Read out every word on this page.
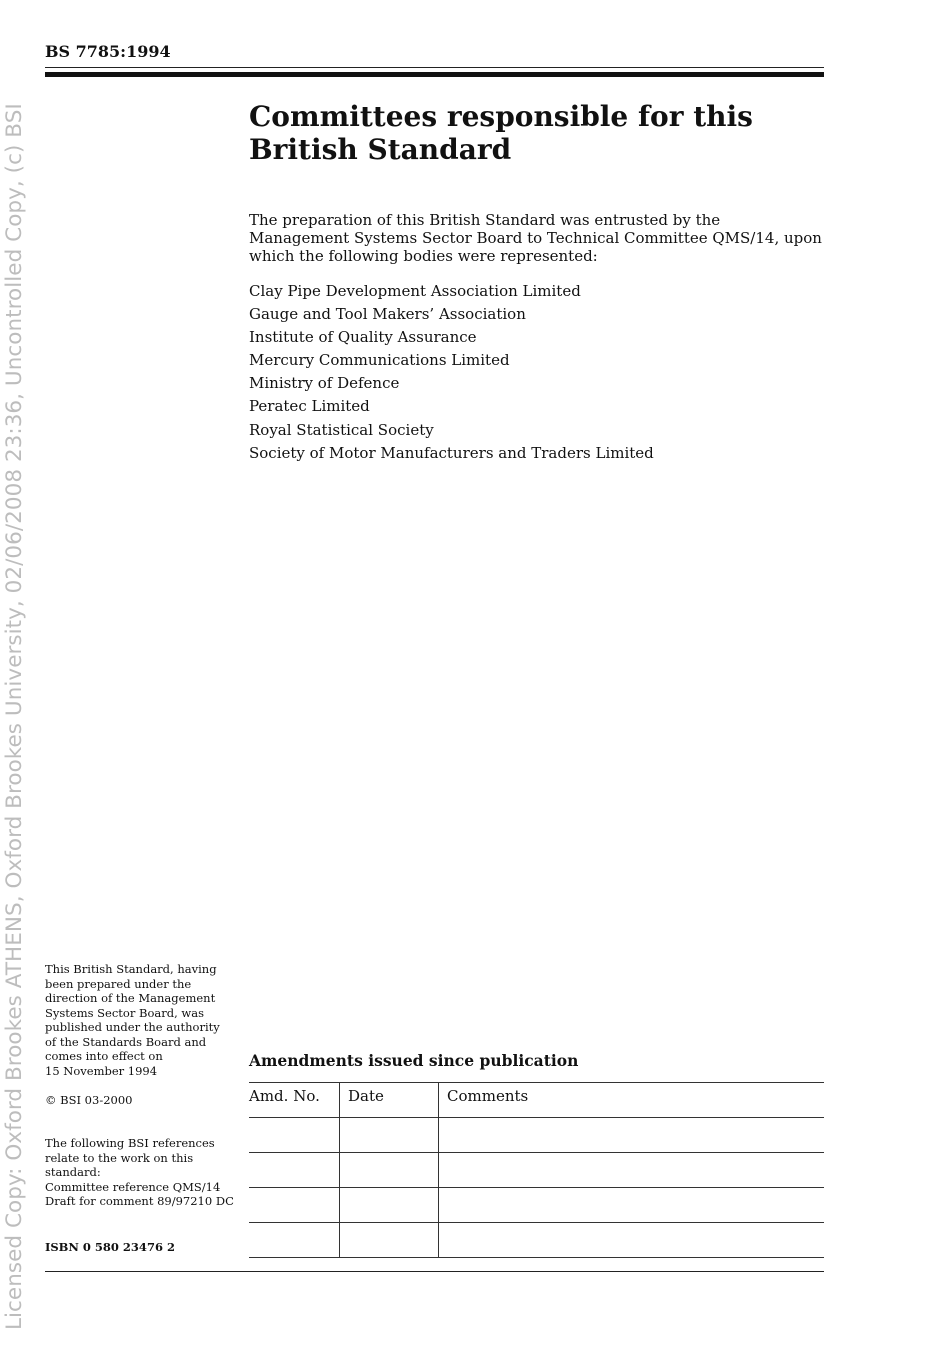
Licensed Copy: Oxford Brookes ATHENS, Oxford Brookes University, 02/06/2008 23:36, Uncontrolled Copy, (c) BSI
BS 7785:1994
Committees responsible for this
British Standard

The preparation of this British Standard was entrusted by the Management Systems Sector Board to Technical Committee QMS/14, upon which the following bodies were represented:

Clay Pipe Development Association Limited
Gauge and Tool Makers’ Association
Institute of Quality Assurance
Mercury Communications Limited
Ministry of Defence
Peratec Limited
Royal Statistical Society
Society of Motor Manufacturers and Traders Limited

This British Standard, having
been prepared under the
direction of the Management
Systems Sector Board, was
published under the authority
of the Standards Board and
comes into effect on
15 November 1994

© BSI 03-2000

The following BSI references
relate to the work on this
standard:
Committee reference QMS/14
Draft for comment 89/97210 DC

ISBN 0 580 23476 2

Amendments issued since publication
Amd. No.	Date	Comments
